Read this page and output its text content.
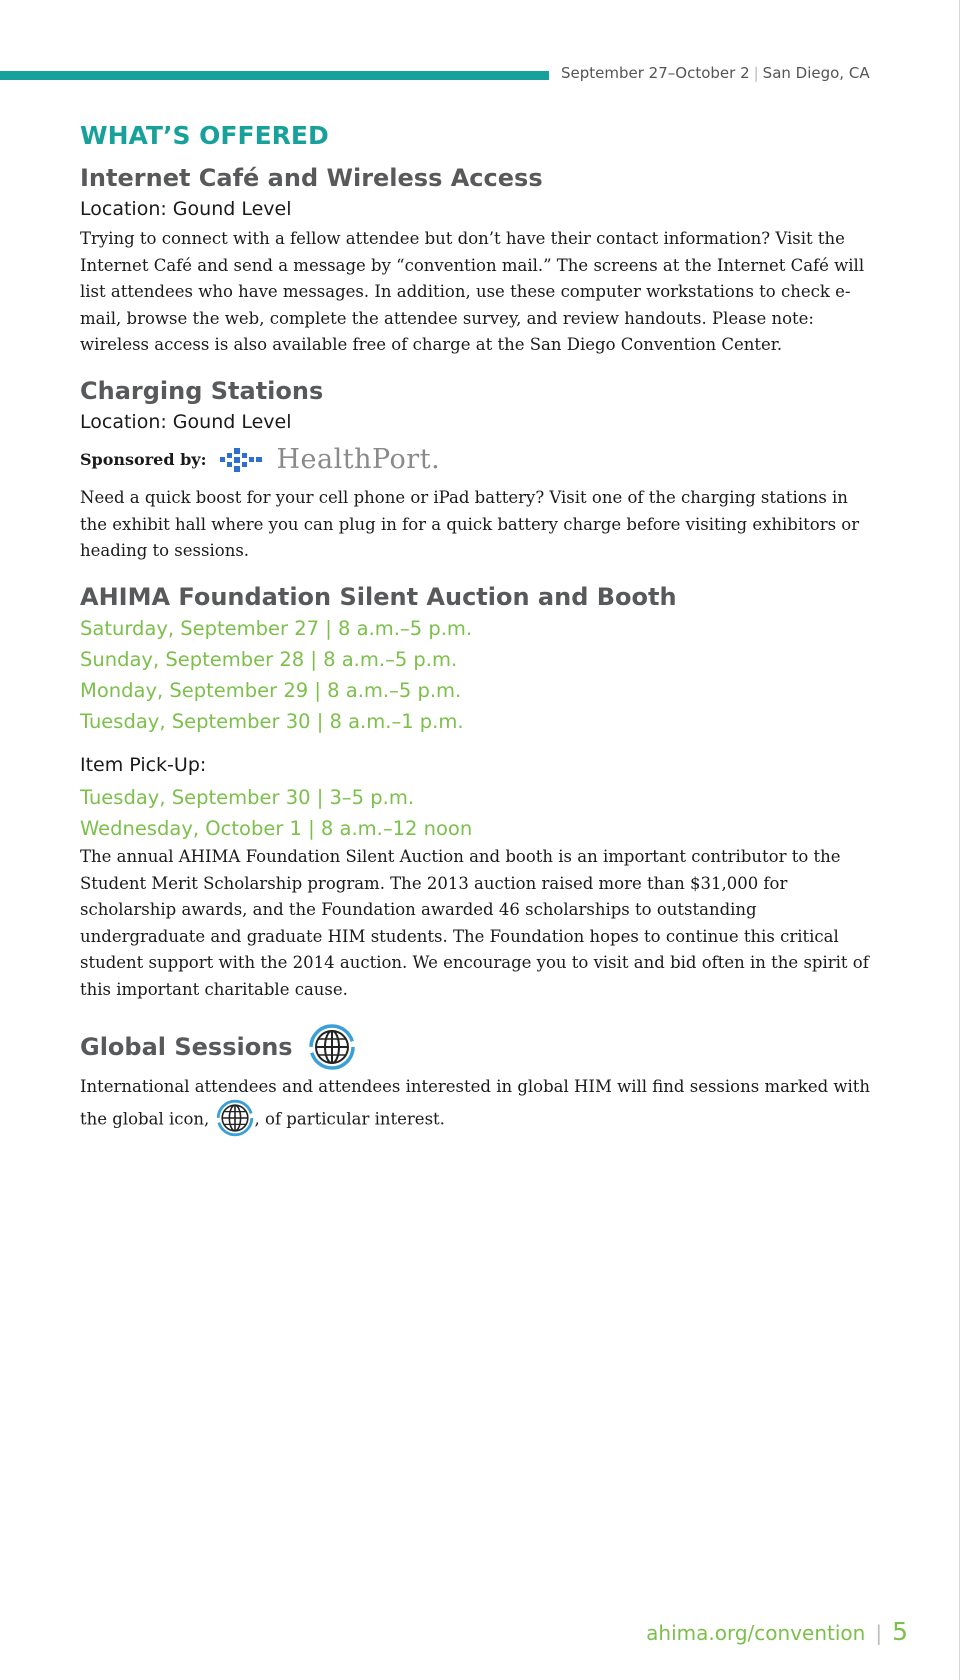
September 27–October 2 | San Diego, CA
WHAT’S OFFERED
Internet Café and Wireless Access

Location: Gound Level

Trying to connect with a fellow attendee but don’t have their contact information? Visit the Internet Café and send a message by “convention mail.” The screens at the Internet Café will list attendees who have messages. In addition, use these computer workstations to check e-mail, browse the web, complete the attendee survey, and review handouts. Please note: wireless access is also available free of charge at the San Diego Convention Center.

Charging Stations

Location: Gound Level

Sponsored by:	HealthPort.

Need a quick boost for your cell phone or iPad battery? Visit one of the charging stations in the exhibit hall where you can plug in for a quick battery charge before visiting exhibitors or heading to sessions.

AHIMA Foundation Silent Auction and Booth

Saturday, September 27 | 8 a.m.–5 p.m.

Sunday, September 28 | 8 a.m.–5 p.m.

Monday, September 29 | 8 a.m.–5 p.m.

Tuesday, September 30 | 8 a.m.–1 p.m.

Item Pick-Up:

Tuesday, September 30 | 3–5 p.m.

Wednesday, October 1 | 8 a.m.–12 noon

The annual AHIMA Foundation Silent Auction and booth is an important contributor to the Student Merit Scholarship program. The 2013 auction raised more than $31,000 for scholarship awards, and the Foundation awarded 46 scholarships to outstanding undergraduate and graduate HIM students. The Foundation hopes to continue this critical student support with the 2014 auction. We encourage you to visit and bid often in the spirit of this important charitable cause.

Global Sessions

International attendees and attendees interested in global HIM will find sessions marked with the global icon, , of particular interest.

ahima.org/convention | 5
